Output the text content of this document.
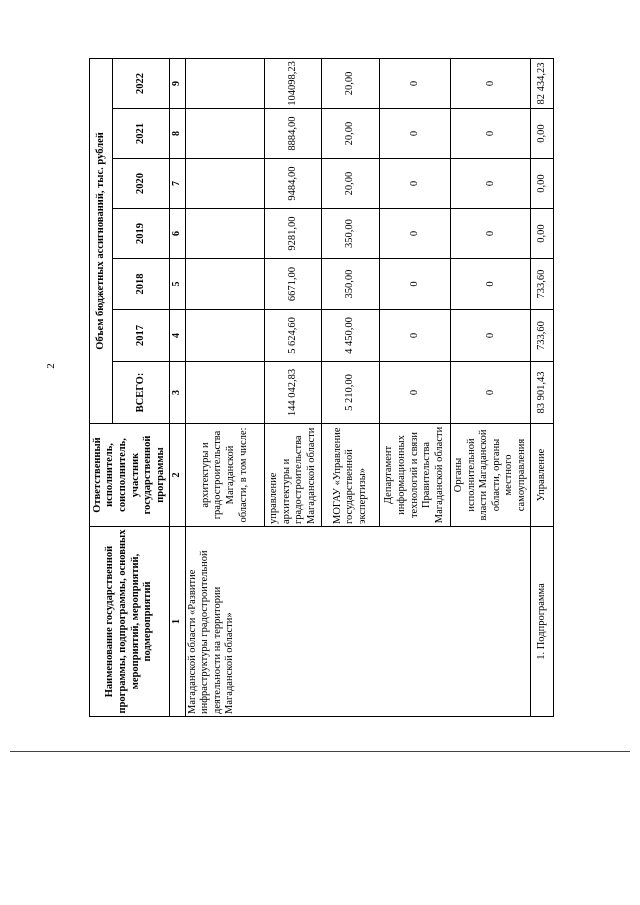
2
Наименование государственной программы, подпрограммы, основных мероприятий, мероприятий, подмероприятий	Ответственный исполнитель, соисполнитель, участник государственной программы	Объем бюджетных ассигнований, тыс. рублей						
		ВСЕГО:	2017	2018	2019	2020	2021	2022
1	2	3	4	5	6	7	8	9
Магаданской области «Развитие инфраструктуры градостроительной деятельности на территории Магаданской области»	архитектуры и градостроительства Магаданской области, в том числе:							
	управление архитектуры и градостроительства Магаданской области	144 042,83	5 624,60	6671,00	9281,00	9484,00	8884,00	104098,23
	МОГАУ «Управление государственной экспертизы»	5 210,00	4 450,00	350,00	350,00	20,00	20,00	20,00
	Департамент информационных технологий и связи Правительства Магаданской области	0	0	0	0	0	0	0
	Органы исполнительной власти Магаданской области, органы местного самоуправления	0	0	0	0	0	0	0
1. Подпрограмма	Управление	83 901,43	733,60	733,60	0,00	0,00	0,00	82 434,23
